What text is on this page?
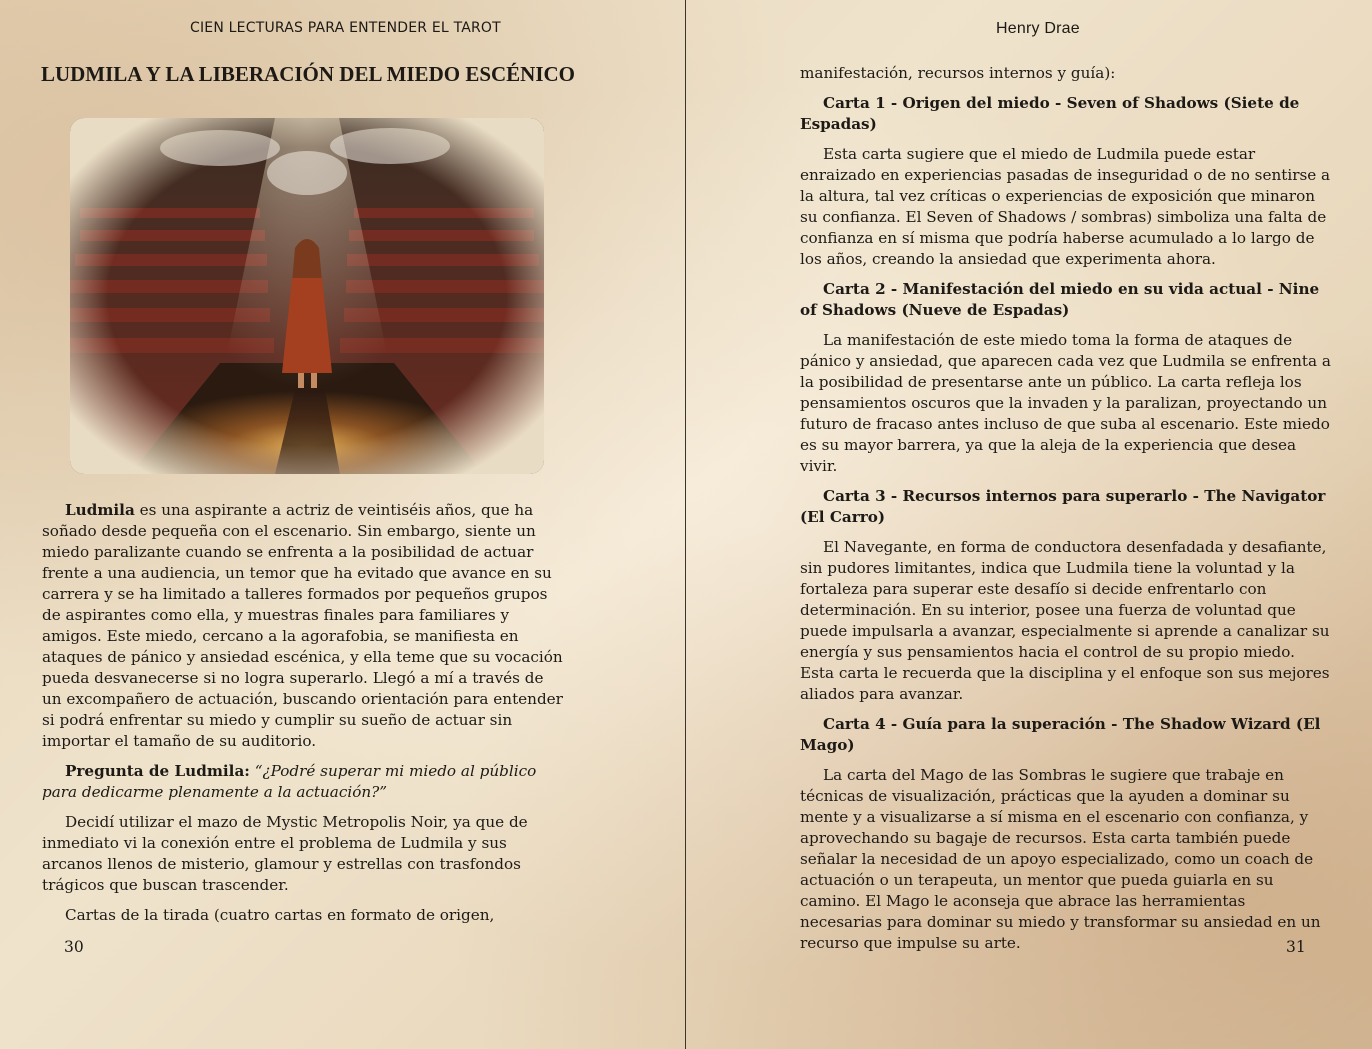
CIEN LECTURAS PARA ENTENDER EL TAROT
LUDMILA Y LA LIBERACIÓN DEL MIEDO ESCÉNICO

Ludmila es una aspirante a actriz de veintiséis años, que ha soñado desde pequeña con el escenario. Sin embargo, siente un miedo paralizante cuando se enfrenta a la posibilidad de actuar frente a una audiencia, un temor que ha evitado que avance en su carrera y se ha limitado a talleres formados por pequeños grupos de aspirantes como ella, y muestras finales para familiares y amigos. Este miedo, cercano a la agorafobia, se manifiesta en ataques de pánico y ansiedad escénica, y ella teme que su vocación pueda desvanecerse si no logra superarlo. Llegó a mí a través de un excompañero de actuación, buscando orientación para entender si podrá enfrentar su miedo y cumplir su sueño de actuar sin importar el tamaño de su auditorio.

Pregunta de Ludmila: “¿Podré superar mi miedo al público para dedicarme plenamente a la actuación?”

Decidí utilizar el mazo de Mystic Metropolis Noir, ya que de inmediato vi la conexión entre el problema de Ludmila y sus arcanos llenos de misterio, glamour y estrellas con trasfondos trágicos que buscan trascender.

Cartas de la tirada (cuatro cartas en formato de origen,

30
Henry Drae

manifestación, recursos internos y guía):

Carta 1 - Origen del miedo - Seven of Shadows (Siete de Espadas)

Esta carta sugiere que el miedo de Ludmila puede estar enraizado en experiencias pasadas de inseguridad o de no sentirse a la altura, tal vez críticas o experiencias de exposición que minaron su confianza. El Seven of Shadows / sombras) simboliza una falta de confianza en sí misma que podría haberse acumulado a lo largo de los años, creando la ansiedad que experimenta ahora.

Carta 2 - Manifestación del miedo en su vida actual - Nine of Shadows (Nueve de Espadas)

La manifestación de este miedo toma la forma de ataques de pánico y ansiedad, que aparecen cada vez que Ludmila se enfrenta a la posibilidad de presentarse ante un público. La carta refleja los pensamientos oscuros que la invaden y la paralizan, proyectando un futuro de fracaso antes incluso de que suba al escenario. Este miedo es su mayor barrera, ya que la aleja de la experiencia que desea vivir.

Carta 3 - Recursos internos para superarlo - The Navigator (El Carro)

El Navegante, en forma de conductora desenfadada y desafiante, sin pudores limitantes, indica que Ludmila tiene la voluntad y la fortaleza para superar este desafío si decide enfrentarlo con determinación. En su interior, posee una fuerza de voluntad que puede impulsarla a avanzar, especialmente si aprende a canalizar su energía y sus pensamientos hacia el control de su propio miedo. Esta carta le recuerda que la disciplina y el enfoque son sus mejores aliados para avanzar.

Carta 4 - Guía para la superación - The Shadow Wizard (El Mago)

La carta del Mago de las Sombras le sugiere que trabaje en técnicas de visualización, prácticas que la ayuden a dominar su mente y a visualizarse a sí misma en el escenario con confianza, y aprovechando su bagaje de recursos. Esta carta también puede señalar la necesidad de un apoyo especializado, como un coach de actuación o un terapeuta, un mentor que pueda guiarla en su camino. El Mago le aconseja que abrace las herramientas necesarias para dominar su miedo y transformar su ansiedad en un recurso que impulse su arte.	31
